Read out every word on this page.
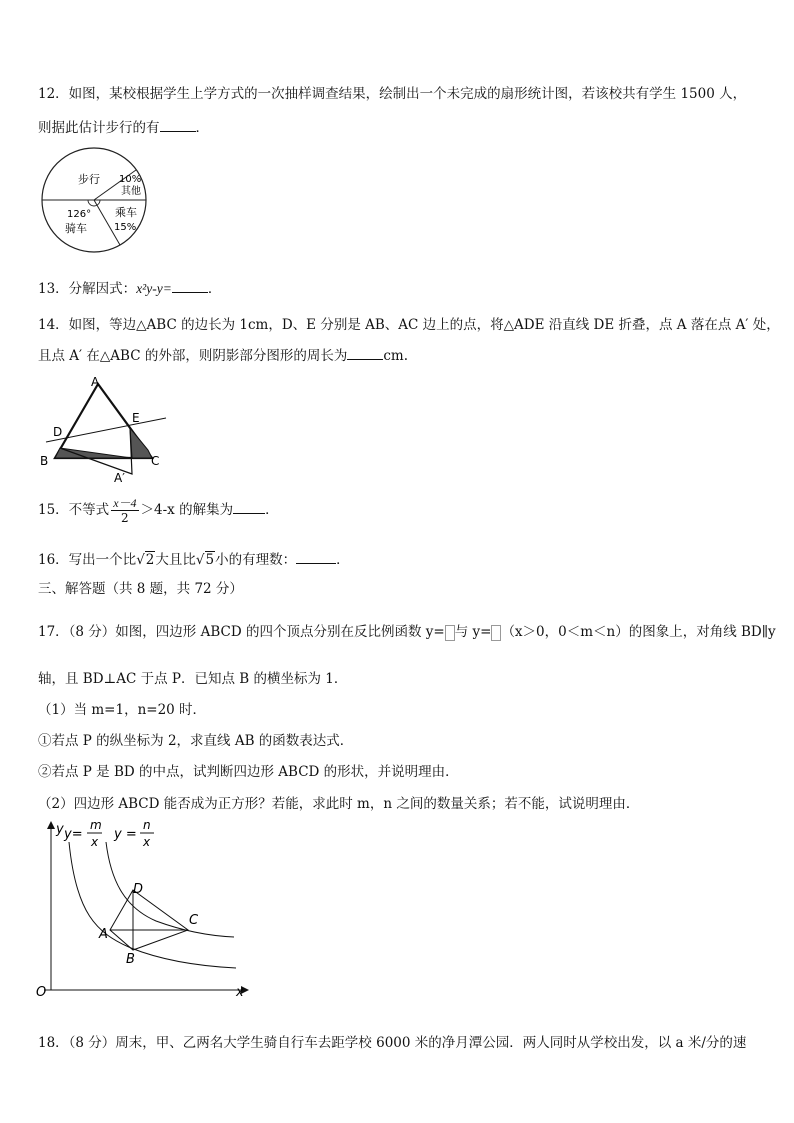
12．如图，某校根据学生上学方式的一次抽样调查结果，绘制出一个未完成的扇形统计图，若该校共有学生 1500 人，
则据此估计步行的有	．
步行 10%
其他
126°
骑车
乘车
15%
13．分解因式：x²y-y=	．
14．如图，等边△ABC 的边长为 1cm，D、E 分别是 AB、AC 边上的点，将△ADE 沿直线 DE 折叠，点 A 落在点 A′ 处，
且点 A′ 在△ABC 的外部，则阴影部分图形的周长为	cm.
A
B	C
D
E
A′
15．不等式 $\frac{x-4}{2} >4-x$ 的解集为 ．
16．写出一个比√2大且比√5小的有理数：	．
三、解答题（共 8 题，共 72 分）
17．（8 分）如图，四边形 ABCD 的四个顶点分别在反比例函数 y= 与 y= （x＞0，0＜m＜n）的图象上，对角线 BD∥y
轴，且 BD⊥AC 于点 P．已知点 B 的横坐标为 1．
（1）当 m=1，n=20 时．
①若点 P 的纵坐标为 2，求直线 AB 的函数表达式．
②若点 P 是 BD 的中点，试判断四边形 ABCD 的形状，并说明理由．
（2）四边形 ABCD 能否成为正方形？若能，求此时 m，n 之间的数量关系；若不能，试说明理由．
y y=
m
x y =
n
x
O	x
A
B
C
D
18．（8 分）周末，甲、乙两名大学生骑自行车去距学校 6000 米的净月潭公园．两人同时从学校出发，以 a 米/分的速
